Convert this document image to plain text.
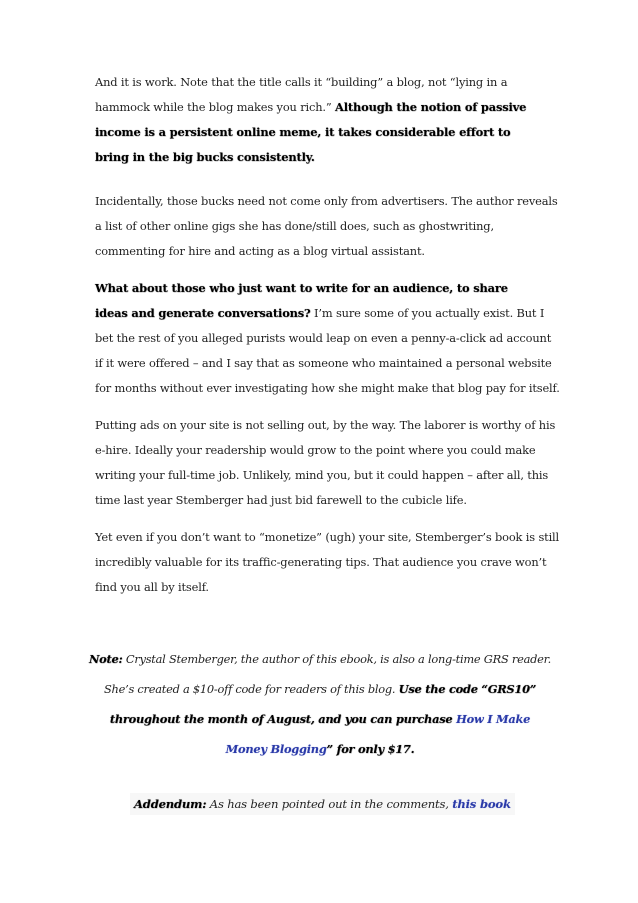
And it is work. Note that the title calls it “building” a blog, not “lying in a
hammock while the blog makes you rich.” Although the notion of passive
income is a persistent online meme, it takes considerable effort to
bring in the big bucks consistently.
Incidentally, those bucks need not come only from advertisers. The author reveals
a list of other online gigs she has done/still does, such as ghostwriting,
commenting for hire and acting as a blog virtual assistant.
What about those who just want to write for an audience, to share
ideas and generate conversations? I’m sure some of you actually exist. But I
bet the rest of you alleged purists would leap on even a penny-a-click ad account
if it were offered – and I say that as someone who maintained a personal website
for months without ever investigating how she might make that blog pay for itself.
Putting ads on your site is not selling out, by the way. The laborer is worthy of his
e-hire. Ideally your readership would grow to the point where you could make
writing your full-time job. Unlikely, mind you, but it could happen – after all, this
time last year Stemberger had just bid farewell to the cubicle life.
Yet even if you don’t want to “monetize” (ugh) your site, Stemberger’s book is still
incredibly valuable for its traffic-generating tips. That audience you crave won’t
find you all by itself.
Note: Crystal Stemberger, the author of this ebook, is also a long-time GRS reader.
She’s created a $10-off code for readers of this blog. Use the code “GRS10”
throughout the month of August, and you can purchase How I Make
Money Blogging” for only $17.
Addendum: As has been pointed out in the comments, this book
